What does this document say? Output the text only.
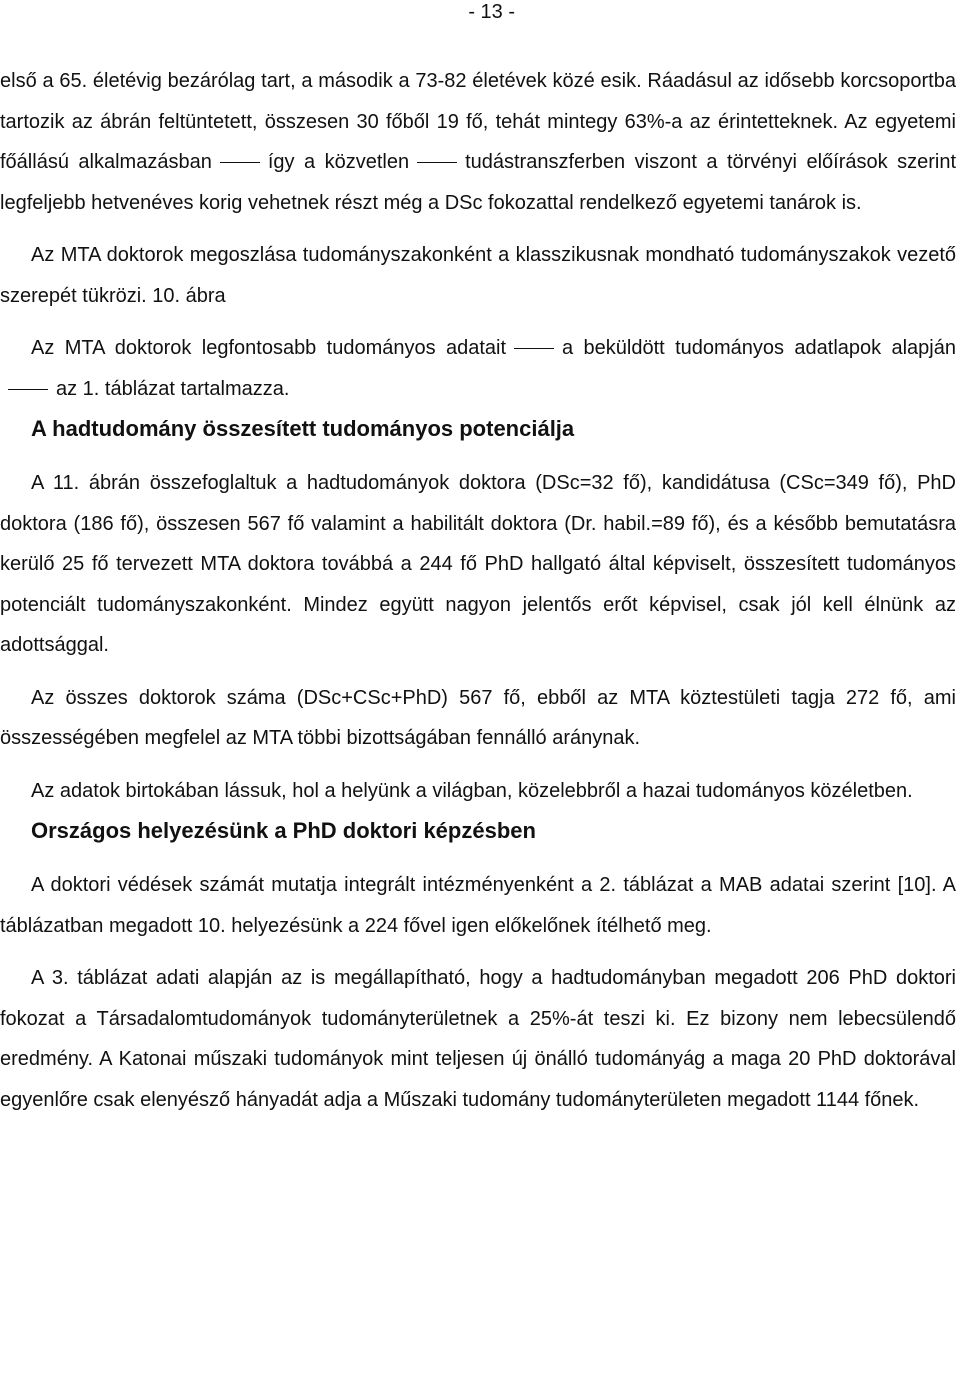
- 13 -

első a 65. életévig bezárólag tart, a második a 73-82 életévek közé esik. Ráadásul az idősebb korcsoportba tartozik az ábrán feltüntetett, összesen 30 főből 19 fő, tehát mintegy 63%-a az érintetteknek. Az egyetemi főállású alkalmazásban	így a közvetlen	tudástranszferben viszont a törvényi előírások szerint legfeljebb hetvenéves korig vehetnek részt még a DSc fokozattal rendelkező egyetemi tanárok is.

Az MTA doktorok megoszlása tudományszakonként a klasszikusnak mondható tudományszakok vezető szerepét tükrözi. 10. ábra

Az MTA doktorok legfontosabb tudományos adatait	a beküldött tudományos adatlapok alapjánaz 1. táblázat tartalmazza.

A hadtudomány összesített tudományos potenciálja

A 11. ábrán összefoglaltuk a hadtudományok doktora (DSc=32 fő), kandidátusa (CSc=349 fő), PhD doktora (186 fő), összesen 567 fő valamint a habilitált doktora (Dr. habil.=89 fő), és a később bemutatásra kerülő 25 fő tervezett MTA doktora továbbá a 244 fő PhD hallgató által képviselt, összesített tudományos potenciált tudományszakonként. Mindez együtt nagyon jelentős erőt képvisel, csak jól kell élnünk az adottsággal.

Az összes doktorok száma (DSc+CSc+PhD) 567 fő, ebből az MTA köztestületi tagja 272 fő, ami összességében megfelel az MTA többi bizottságában fennálló aránynak.

Az adatok birtokában lássuk, hol a helyünk a világban, közelebbről a hazai tudományos közéletben.

Országos helyezésünk a PhD doktori képzésben

A doktori védések számát mutatja integrált intézményenként a 2. táblázat a MAB adatai szerint [10]. A táblázatban megadott 10. helyezésünk a 224 fővel igen előkelőnek ítélhető meg.

A 3. táblázat adati alapján az is megállapítható, hogy a hadtudományban megadott 206 PhD doktori fokozat a Társadalomtudományok tudományterületnek a 25%-át teszi ki. Ez bizony nem lebecsülendő eredmény. A Katonai műszaki tudományok mint teljesen új önálló tudományág a maga 20 PhD doktorával egyenlőre csak elenyésző hányadát adja a Műszaki tudomány tudományterületen megadott 1144 főnek.
